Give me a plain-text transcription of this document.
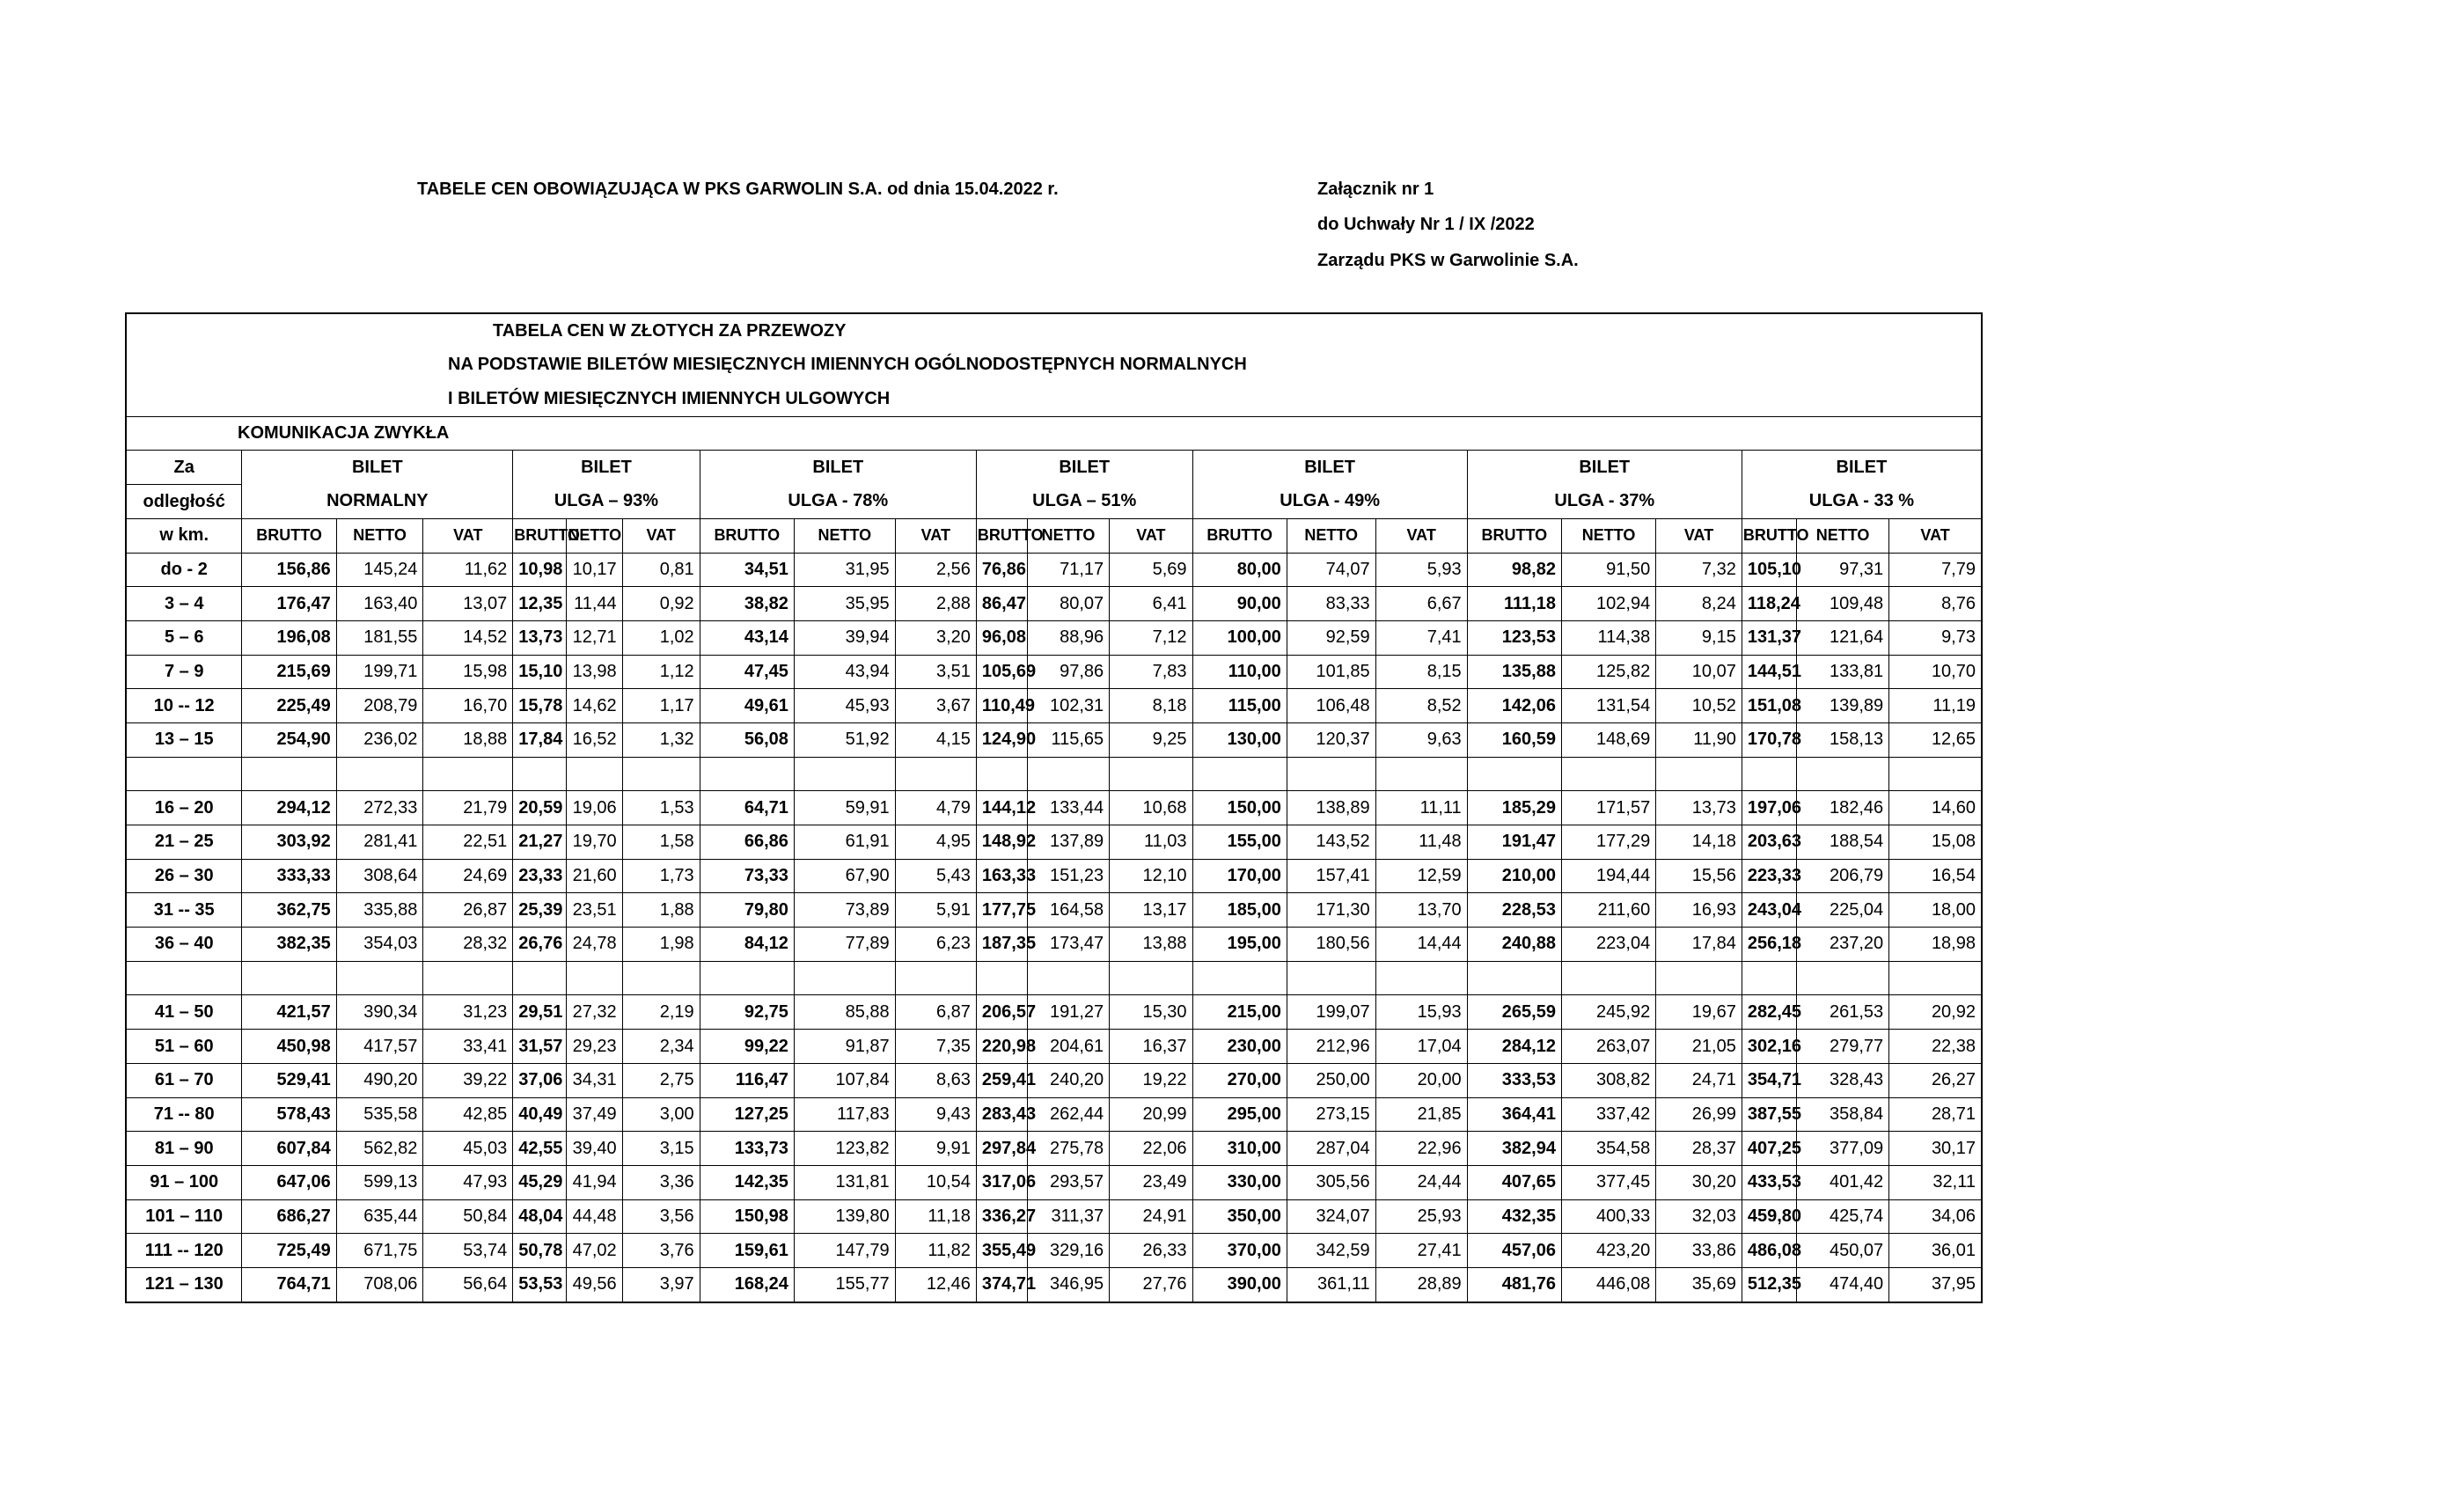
TABELE CEN OBOWIĄZUJĄCA W PKS GARWOLIN S.A. od dnia 15.04.2022 r.	Załącznik nr 1
do Uchwały Nr 1 / IX /2022
Zarządu PKS w Garwolinie S.A.
TABELA CEN W ZŁOTYCH ZA PRZEWOZY																					
NA PODSTAWIE BILETÓW MIESIĘCZNYCH IMIENNYCH OGÓLNODOSTĘPNYCH NORMALNYCH																					
I BILETÓW MIESIĘCZNYCH IMIENNYCH ULGOWYCH																					
KOMUNIKACJA ZWYKŁA																					
Za	BILET			BILET			BILET			BILET			BILET			BILET			BILET		
odległość	NORMALNY			ULGA – 93%			ULGA - 78%			ULGA – 51%			ULGA - 49%			ULGA - 37%			ULGA - 33 %		
w km.	BRUTTO	NETTO	VAT	BRUTTO	NETTO	VAT	BRUTTO	NETTO	VAT	BRUTTO	NETTO	VAT	BRUTTO	NETTO	VAT	BRUTTO	NETTO	VAT	BRUTTO	NETTO	VAT
do - 2	156,86	145,24	11,62	10,98	10,17	0,81	34,51	31,95	2,56	76,86	71,17	5,69	80,00	74,07	5,93	98,82	91,50	7,32	105,10	97,31	7,79
3 – 4	176,47	163,40	13,07	12,35	11,44	0,92	38,82	35,95	2,88	86,47	80,07	6,41	90,00	83,33	6,67	111,18	102,94	8,24	118,24	109,48	8,76
5 – 6	196,08	181,55	14,52	13,73	12,71	1,02	43,14	39,94	3,20	96,08	88,96	7,12	100,00	92,59	7,41	123,53	114,38	9,15	131,37	121,64	9,73
7 – 9	215,69	199,71	15,98	15,10	13,98	1,12	47,45	43,94	3,51	105,69	97,86	7,83	110,00	101,85	8,15	135,88	125,82	10,07	144,51	133,81	10,70
10 -- 12	225,49	208,79	16,70	15,78	14,62	1,17	49,61	45,93	3,67	110,49	102,31	8,18	115,00	106,48	8,52	142,06	131,54	10,52	151,08	139,89	11,19
13 – 15	254,90	236,02	18,88	17,84	16,52	1,32	56,08	51,92	4,15	124,90	115,65	9,25	130,00	120,37	9,63	160,59	148,69	11,90	170,78	158,13	12,65

16 – 20	294,12	272,33	21,79	20,59	19,06	1,53	64,71	59,91	4,79	144,12	133,44	10,68	150,00	138,89	11,11	185,29	171,57	13,73	197,06	182,46	14,60
21 – 25	303,92	281,41	22,51	21,27	19,70	1,58	66,86	61,91	4,95	148,92	137,89	11,03	155,00	143,52	11,48	191,47	177,29	14,18	203,63	188,54	15,08
26 – 30	333,33	308,64	24,69	23,33	21,60	1,73	73,33	67,90	5,43	163,33	151,23	12,10	170,00	157,41	12,59	210,00	194,44	15,56	223,33	206,79	16,54
31 -- 35	362,75	335,88	26,87	25,39	23,51	1,88	79,80	73,89	5,91	177,75	164,58	13,17	185,00	171,30	13,70	228,53	211,60	16,93	243,04	225,04	18,00
36 – 40	382,35	354,03	28,32	26,76	24,78	1,98	84,12	77,89	6,23	187,35	173,47	13,88	195,00	180,56	14,44	240,88	223,04	17,84	256,18	237,20	18,98

41 – 50	421,57	390,34	31,23	29,51	27,32	2,19	92,75	85,88	6,87	206,57	191,27	15,30	215,00	199,07	15,93	265,59	245,92	19,67	282,45	261,53	20,92
51 – 60	450,98	417,57	33,41	31,57	29,23	2,34	99,22	91,87	7,35	220,98	204,61	16,37	230,00	212,96	17,04	284,12	263,07	21,05	302,16	279,77	22,38
61 – 70	529,41	490,20	39,22	37,06	34,31	2,75	116,47	107,84	8,63	259,41	240,20	19,22	270,00	250,00	20,00	333,53	308,82	24,71	354,71	328,43	26,27
71 -- 80	578,43	535,58	42,85	40,49	37,49	3,00	127,25	117,83	9,43	283,43	262,44	20,99	295,00	273,15	21,85	364,41	337,42	26,99	387,55	358,84	28,71
81 – 90	607,84	562,82	45,03	42,55	39,40	3,15	133,73	123,82	9,91	297,84	275,78	22,06	310,00	287,04	22,96	382,94	354,58	28,37	407,25	377,09	30,17
91 – 100	647,06	599,13	47,93	45,29	41,94	3,36	142,35	131,81	10,54	317,06	293,57	23,49	330,00	305,56	24,44	407,65	377,45	30,20	433,53	401,42	32,11
101 – 110	686,27	635,44	50,84	48,04	44,48	3,56	150,98	139,80	11,18	336,27	311,37	24,91	350,00	324,07	25,93	432,35	400,33	32,03	459,80	425,74	34,06
111 -- 120	725,49	671,75	53,74	50,78	47,02	3,76	159,61	147,79	11,82	355,49	329,16	26,33	370,00	342,59	27,41	457,06	423,20	33,86	486,08	450,07	36,01
121 – 130	764,71	708,06	56,64	53,53	49,56	3,97	168,24	155,77	12,46	374,71	346,95	27,76	390,00	361,11	28,89	481,76	446,08	35,69	512,35	474,40	37,95
